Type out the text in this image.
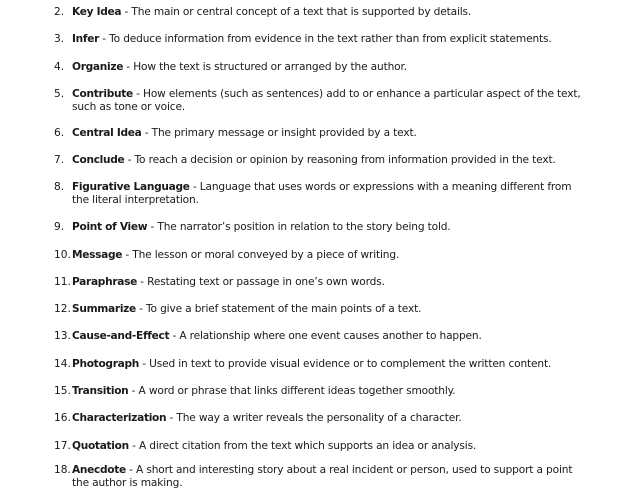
2. Key Idea - The main or central concept of a text that is supported by details.
3. Infer - To deduce information from evidence in the text rather than from explicit statements.
4. Organize - How the text is structured or arranged by the author.
5. Contribute - How elements (such as sentences) add to or enhance a particular aspect of the text, such as tone or voice.
6. Central Idea - The primary message or insight provided by a text.
7. Conclude - To reach a decision or opinion by reasoning from information provided in the text.
8. Figurative Language - Language that uses words or expressions with a meaning different from the literal interpretation.
9. Point of View - The narrator’s position in relation to the story being told.
10. Message - The lesson or moral conveyed by a piece of writing.
11. Paraphrase - Restating text or passage in one’s own words.
12. Summarize - To give a brief statement of the main points of a text.
13. Cause-and-Effect - A relationship where one event causes another to happen.
14. Photograph - Used in text to provide visual evidence or to complement the written content.
15. Transition - A word or phrase that links different ideas together smoothly.
16. Characterization - The way a writer reveals the personality of a character.
17. Quotation - A direct citation from the text which supports an idea or analysis.
18. Anecdote - A short and interesting story about a real incident or person, used to support a point the author is making.
